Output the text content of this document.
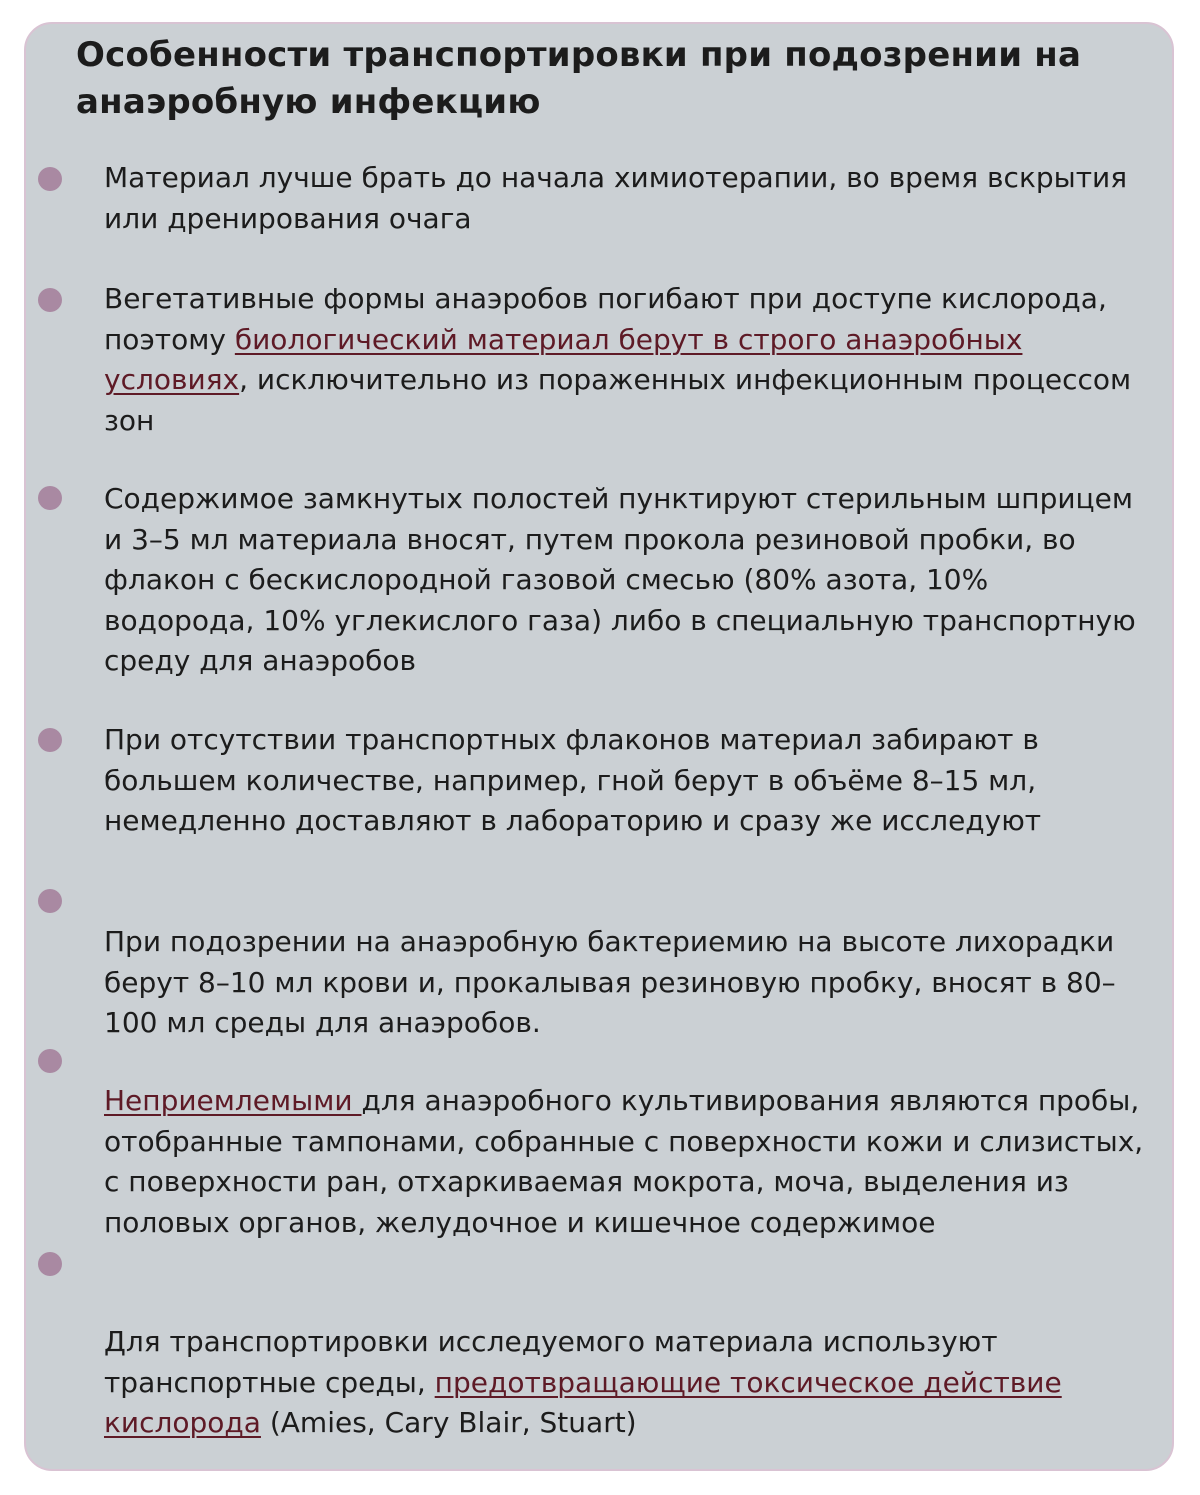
Особенности транспортировки при подозрении на анаэробную инфекцию

Материал лучше брать до начала химиотерапии, во время вскрытия или дренирования очага

Вегетативные формы анаэробов погибают при доступе кислорода, поэтому биологический материал берут в строго анаэробных условиях, исключительно из пораженных инфекционным процессом зон

Содержимое замкнутых полостей пунктируют стерильным шприцем и 3–5 мл материала вносят, путем прокола резиновой пробки, во флакон с бескислородной газовой смесью (80% азота, 10% водорода, 10% углекислого газа) либо в специальную транспортную среду для анаэробов

При отсутствии транспортных флаконов материал забирают в большем количестве, например, гной берут в объёме 8–15 мл, немедленно доставляют в лабораторию и сразу же исследуют

При подозрении на анаэробную бактериемию на высоте лихорадки берут 8–10 мл крови и, прокалывая резиновую пробку, вносят в 80–100 мл среды для анаэробов.

Неприемлемыми для анаэробного культивирования являются пробы, отобранные тампонами, собранные с поверхности кожи и слизистых, с поверхности ран, отхаркиваемая мокрота, моча, выделения из половых органов, желудочное и кишечное содержимое

Для транспортировки исследуемого материала используют транспортные среды, предотвращающие токсическое действие кислорода (Amies, Cary Blair, Stuart)
